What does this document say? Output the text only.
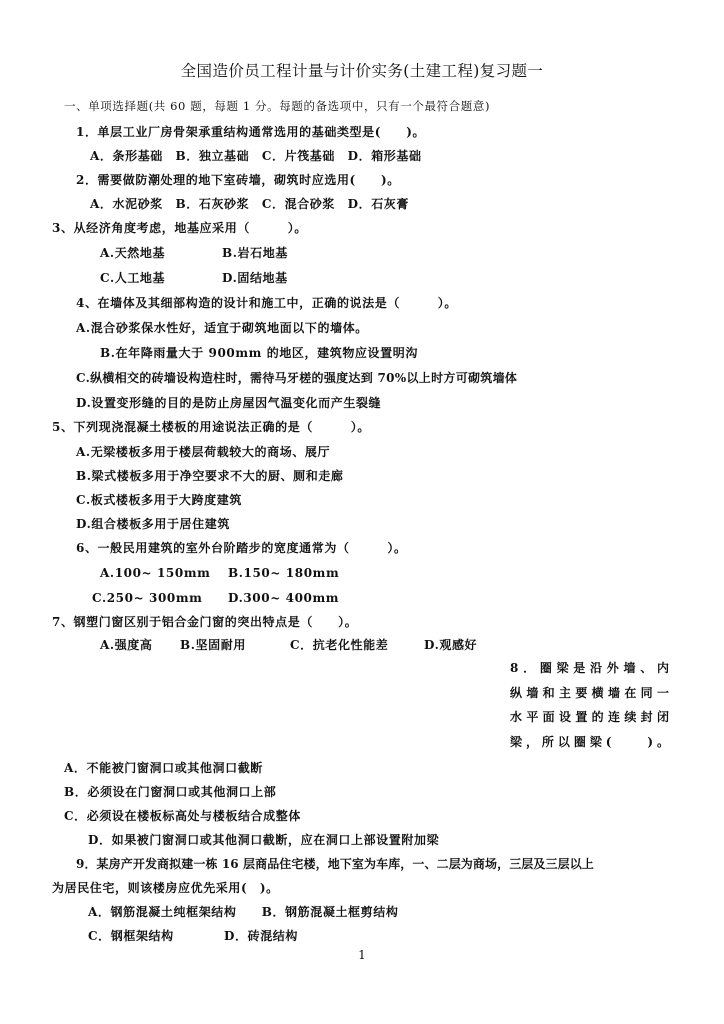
全国造价员工程计量与计价实务(土建工程)复习题一
一、单项选择题(共 60 题，每题 1 分。每题的备选项中，只有一个最符合题意)
1．单层工业厂房骨架承重结构通常选用的基础类型是(　　)。
A．条形基础　B．独立基础　C．片筏基础　D．箱形基础
2．需要做防潮处理的地下室砖墙，砌筑时应选用(　　)。
A．水泥砂浆　B．石灰砂浆　C．混合砂浆　D．石灰膏
3、从经济角度考虑，地基应采用（　　　）。
A.天然地基	B.岩石地基
C.人工地基	D.固结地基
4、在墙体及其细部构造的设计和施工中，正确的说法是（　　　）。
A.混合砂浆保水性好，适宜于砌筑地面以下的墙体。
B.在年降雨量大于 900mm 的地区，建筑物应设置明沟
C.纵横相交的砖墙设构造柱时，需待马牙槎的强度达到 70%以上时方可砌筑墙体
D.设置变形缝的目的是防止房屋因气温变化而产生裂缝
5、下列现浇混凝土楼板的用途说法正确的是（　　　）。
A.无梁楼板多用于楼层荷载较大的商场、展厅
B.梁式楼板多用于净空要求不大的厨、厕和走廊
C.板式楼板多用于大跨度建筑
D.组合楼板多用于居住建筑
6、一般民用建筑的室外台阶踏步的宽度通常为（　　　）。
A.100~ 150mm B.150~ 180mm
C.250~ 300mm D.300~ 400mm
7、钢塑门窗区别于铝合金门窗的突出特点是（　　）。
A.强度高 B.坚固耐用	C．抗老化性能差	D.观感好
8．圈梁是沿外墙、内
纵墙和主要横墙在同一
水平面设置的连续封闭
梁，所以圈梁(　　)。
A．不能被门窗洞口或其他洞口截断
B．必须设在门窗洞口或其他洞口上部
C．必须设在楼板标高处与楼板结合成整体
D．如果被门窗洞口或其他洞口截断，应在洞口上部设置附加梁
9．某房产开发商拟建一栋 16 层商品住宅楼，地下室为车库，一、二层为商场，三层及三层以上
为居民住宅，则该楼房应优先采用(　)。
A．钢筋混凝土纯框架结构　　B．钢筋混凝土框剪结构
C．钢框架结构	D．砖混结构
1
